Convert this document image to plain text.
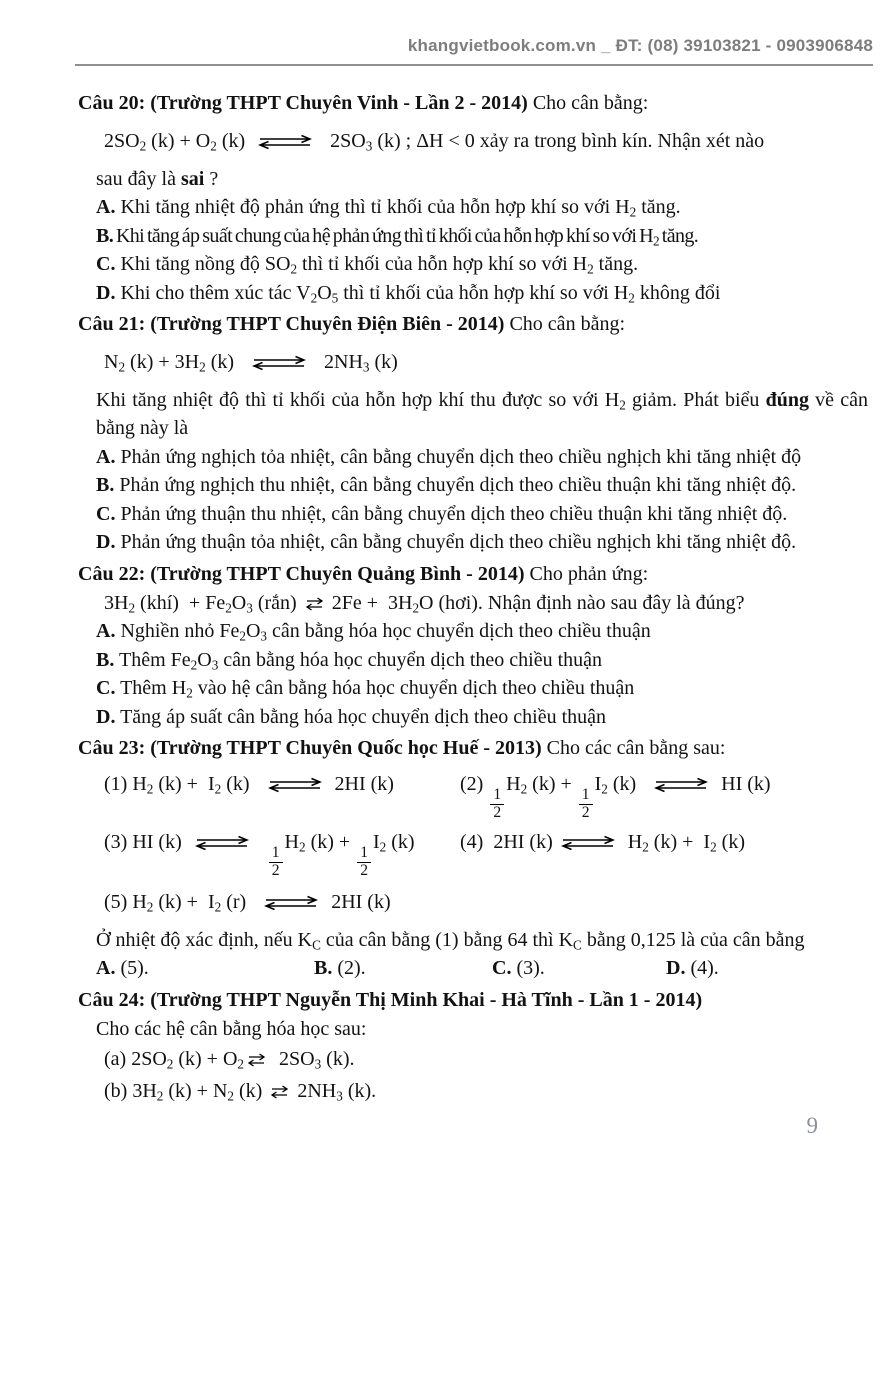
khangvietbook.com.vn _ ĐT: (08) 39103821 - 0903906848
Câu 20: (Trường THPT Chuyên Vinh - Lần 2 - 2014) Cho cân bằng:
$2SO_2$ $(k) + O_2$ (k) ⇌ $2SO_3$ (k) ; ΔH < 0 xảy ra trong bình kín. Nhận xét nào
sau đây là sai ?
A. Khi tăng nhiệt độ phản ứng thì tỉ khối của hỗn hợp khí so với $H_2$ tăng.
B. Khi tăng áp suất chung của hệ phản ứng thì tỉ khối của hỗn hợp khí so với $H_2$ tăng.
C. Khi tăng nồng độ $SO_2$ thì tỉ khối của hỗn hợp khí so với $H_2$ tăng.
D. Khi cho thêm xúc tác $V_2O_5$ thì tỉ khối của hỗn hợp khí so với $H_2$ không đổi
Câu 21: (Trường THPT Chuyên Điện Biên - 2014) Cho cân bằng:
$N_2$ $(k) + 3H_2$ (k) ⇌ $2NH_3$ (k)
Khi tăng nhiệt độ thì tỉ khối của hỗn hợp khí thu được so với $H_2$ giảm. Phát biểu đúng về cân bằng này là
A. Phản ứng nghịch tỏa nhiệt, cân bằng chuyển dịch theo chiều nghịch khi tăng nhiệt độ
B. Phản ứng nghịch thu nhiệt, cân bằng chuyển dịch theo chiều thuận khi tăng nhiệt độ.
C. Phản ứng thuận thu nhiệt, cân bằng chuyển dịch theo chiều thuận khi tăng nhiệt độ.
D. Phản ứng thuận tỏa nhiệt, cân bằng chuyển dịch theo chiều nghịch khi tăng nhiệt độ.
Câu 22: (Trường THPT Chuyên Quảng Bình - 2014) Cho phản ứng:
$3H_2$ (khí)  + $Fe_2O_3$ (rắn) ⇌ $2Fe + 3H_2O$ (hơi). Nhận định nào sau đây là đúng?
A. Nghiền nhỏ $Fe_2O_3$ cân bằng hóa học chuyển dịch theo chiều thuận
B. Thêm $Fe_2O_3$ cân bằng hóa học chuyển dịch theo chiều thuận
C. Thêm $H_2$ vào hệ cân bằng hóa học chuyển dịch theo chiều thuận
D. Tăng áp suất cân bằng hóa học chuyển dịch theo chiều thuận
Câu 23: (Trường THPT Chuyên Quốc học Huế - 2013) Cho các cân bằng sau:
(1) $H_2$ $(k) + I_2$ (k) ⇌ 2HI (k)	(2)
$\frac{1}{2}$
$H_2$ (k) +
$\frac{1}{2}$
$I_2$ (k) ⇌ HI (k)
(3) HI (k) ⇌ $\frac{1}{2}$
$H_2$ (k) +
$\frac{1}{2}$
$I_2$ (k)	(4)  2HI (k)⇌ $H_2$ $(k) + I_2$ (k)
(5) $H_2$ $(k) + I_2$ (r) ⇌ 2HI (k)
Ở nhiệt độ xác định, nếu $K_C$ của cân bằng (1) bằng 64 thì $K_C$ bằng 0,125 là của cân bằng
A. (5).	B. (2).	C. (3).	D. (4).
Câu 24: (Trường THPT Nguyễn Thị Minh Khai - Hà Tĩnh - Lần 1 - 2014)
Cho các hệ cân bằng hóa học sau:
(a) $2SO_2$ $(k) + O_2\rightleftharpoons$ $2SO_3$ (k).
(b) $3H_2$ $(k) + N_2$ (k) ⇌ $2NH_3$ (k).
9
